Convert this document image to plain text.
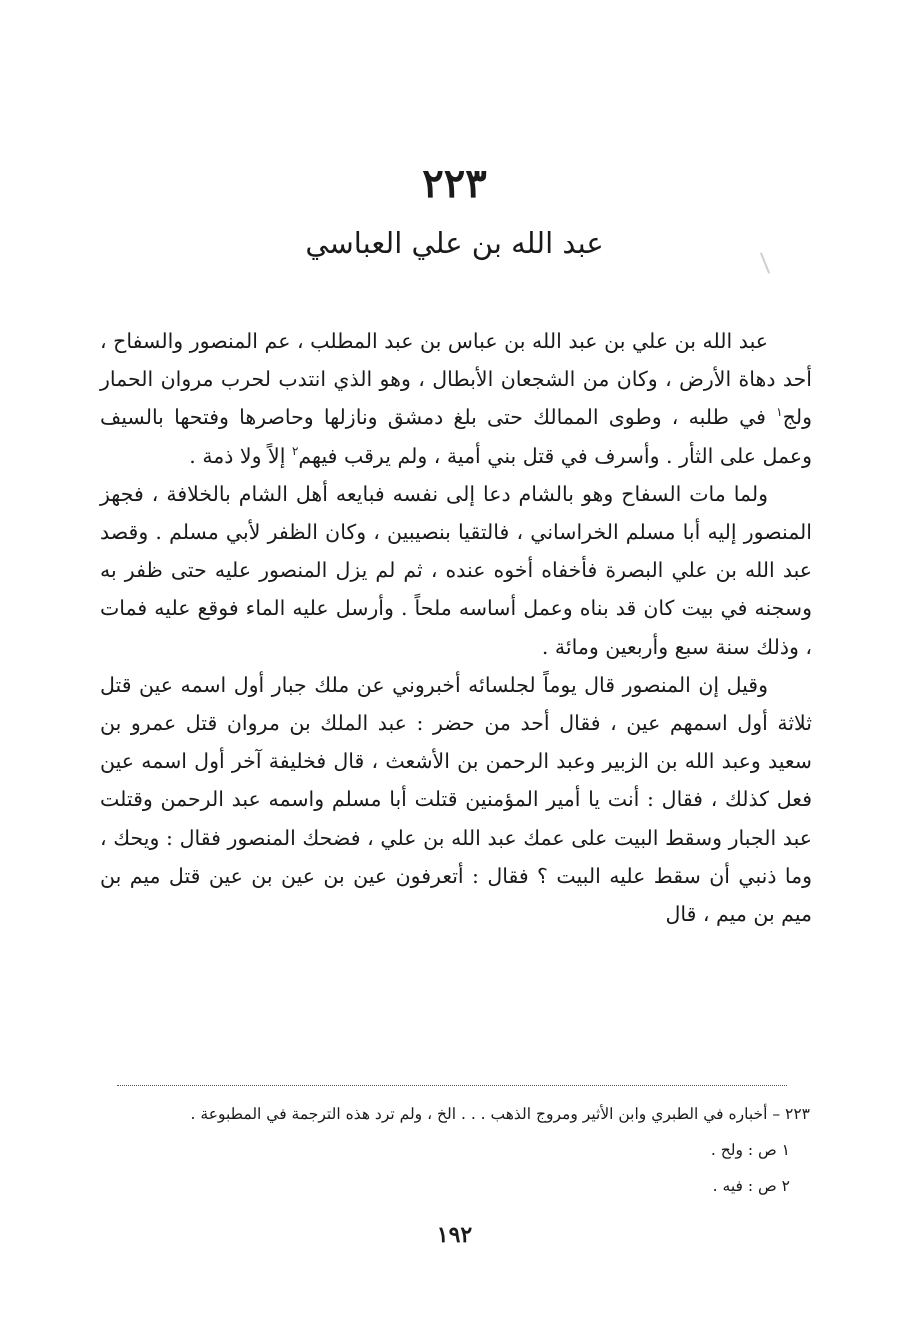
٢٢٣
عبد الله بن علي العباسي

عبد الله بن علي بن عبد الله بن عباس بن عبد المطلب ، عم المنصور والسفاح ، أحد دهاة الأرض ، وكان من الشجعان الأبطال ، وهو الذي انتدب لحرب مروان الحمار ولج$^١$ في طلبه ، وطوى الممالك حتى بلغ دمشق ونازلها وحاصرها وفتحها بالسيف وعمل على الثأر . وأسرف في قتل بني أمية ، ولم يرقب فيهم$^٢$ إلاً ولا ذمة .

ولما مات السفاح وهو بالشام دعا إلى نفسه فبايعه أهل الشام بالخلافة ، فجهز المنصور إليه أبا مسلم الخراساني ، فالتقيا بنصيبين ، وكان الظفر لأبي مسلم . وقصد عبد الله بن علي البصرة فأخفاه أخوه عنده ، ثم لم يزل المنصور عليه حتى ظفر به وسجنه في بيت كان قد بناه وعمل أساسه ملحاً . وأرسل عليه الماء فوقع عليه فمات ، وذلك سنة سبع وأربعين ومائة .

وقيل إن المنصور قال يوماً لجلسائه أخبروني عن ملك جبار أول اسمه عين قتل ثلاثة أول اسمهم عين ، فقال أحد من حضر : عبد الملك بن مروان قتل عمرو بن سعيد وعبد الله بن الزبير وعبد الرحمن بن الأشعث ، قال فخليفة آخر أول اسمه عين فعل كذلك ، فقال : أنت يا أمير المؤمنين قتلت أبا مسلم واسمه عبد الرحمن وقتلت عبد الجبار وسقط البيت على عمك عبد الله بن علي ، فضحك المنصور فقال : ويحك ، وما ذنبي أن سقط عليه البيت ؟ فقال : أتعرفون عين بن عين بن عين قتل ميم بن ميم بن ميم ، قال

٢٢٣ – أخباره في الطبري وابن الأثير ومروج الذهب . . . الخ ، ولم ترد هذه الترجمة في المطبوعة .
١ ص : ولح .
٢ ص : فيه .
١٩٢
